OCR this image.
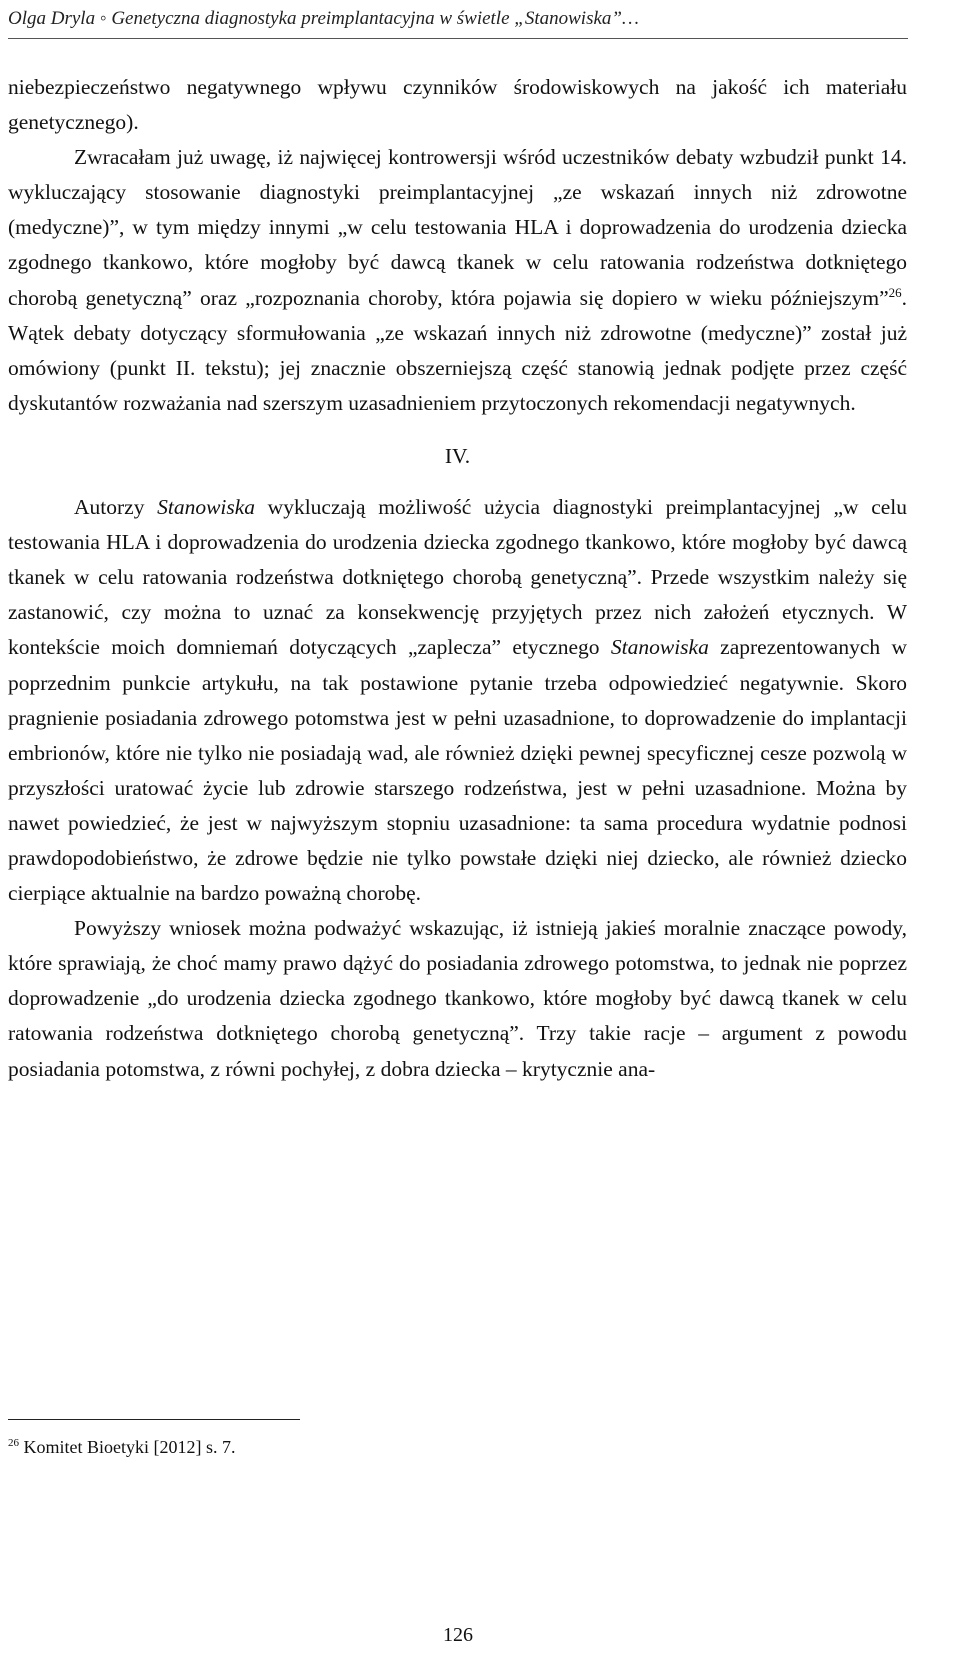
Olga Dryla ◦ Genetyczna diagnostyka preimplantacyjna w świetle „Stanowiska”…

niebezpieczeństwo negatywnego wpływu czynników środowiskowych na jakość ich materiału genetycznego).

Zwracałam już uwagę, iż najwięcej kontrowersji wśród uczestników debaty wzbudził punkt 14. wykluczający stosowanie diagnostyki preimplantacyjnej „ze wskazań innych niż zdrowotne (medyczne)”, w tym między innymi „w celu testowania HLA i doprowadzenia do urodzenia dziecka zgodnego tkankowo, które mogłoby być dawcą tkanek w celu ratowania rodzeństwa dotkniętego chorobą genetyczną” oraz „rozpoznania choroby, która pojawia się dopiero w wieku późniejszym”$^{26}$. Wątek debaty dotyczący sformułowania „ze wskazań innych niż zdrowotne (medyczne)” został już omówiony (punkt II. tekstu); jej znacznie obszerniejszą część stanowią jednak podjęte przez część dyskutantów rozważania nad szerszym uzasadnieniem przytoczonych rekomendacji negatywnych.

IV.

Autorzy Stanowiska wykluczają możliwość użycia diagnostyki preimplantacyjnej „w celu testowania HLA i doprowadzenia do urodzenia dziecka zgodnego tkankowo, które mogłoby być dawcą tkanek w celu ratowania rodzeństwa dotkniętego chorobą genetyczną”. Przede wszystkim należy się zastanowić, czy można to uznać za konsekwencję przyjętych przez nich założeń etycznych. W kontekście moich domniemań dotyczących „zaplecza” etycznego Stanowiska zaprezentowanych w poprzednim punkcie artykułu, na tak postawione pytanie trzeba odpowiedzieć negatywnie. Skoro pragnienie posiadania zdrowego potomstwa jest w pełni uzasadnione, to doprowadzenie do implantacji embrionów, które nie tylko nie posiadają wad, ale również dzięki pewnej specyficznej cesze pozwolą w przyszłości uratować życie lub zdrowie starszego rodzeństwa, jest w pełni uzasadnione. Można by nawet powiedzieć, że jest w najwyższym stopniu uzasadnione: ta sama procedura wydatnie podnosi prawdopodobieństwo, że zdrowe będzie nie tylko powstałe dzięki niej dziecko, ale również dziecko cierpiące aktualnie na bardzo poważną chorobę.

Powyższy wniosek można podważyć wskazując, iż istnieją jakieś moralnie znaczące powody, które sprawiają, że choć mamy prawo dążyć do posiadania zdrowego potomstwa, to jednak nie poprzez doprowadzenie „do urodzenia dziecka zgodnego tkankowo, które mogłoby być dawcą tkanek w celu ratowania rodzeństwa dotkniętego chorobą genetyczną”. Trzy takie racje – argument z powodu posiadania potomstwa, z równi pochyłej, z dobra dziecka – krytycznie ana-

$^{26}$ Komitet Bioetyki [2012] s. 7.
126
